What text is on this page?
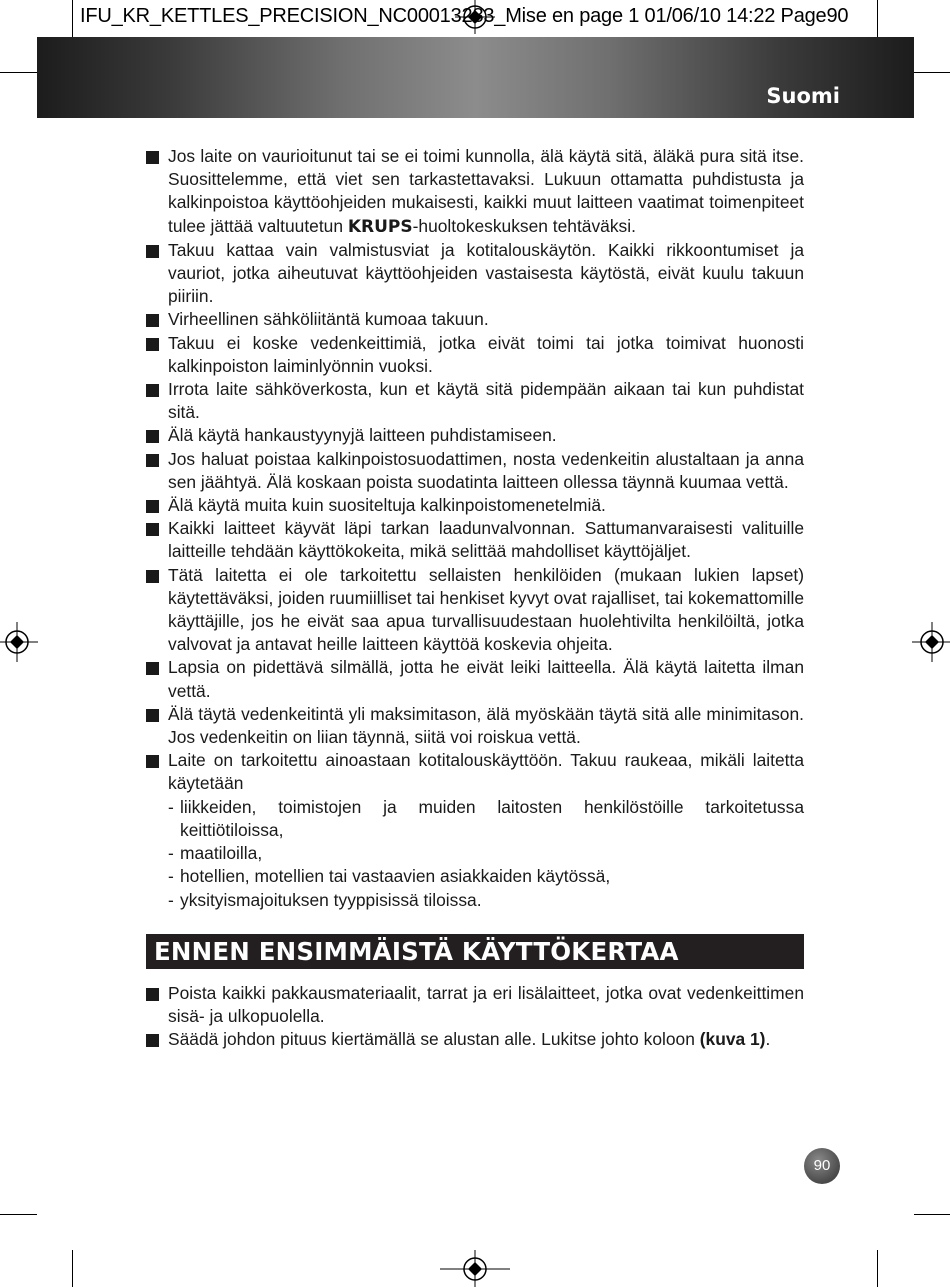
IFU_KR_KETTLES_PRECISION_NC00013283_Mise en page 1 01/06/10 14:22 Page90
Suomi

Jos laite on vaurioitunut tai se ei toimi kunnolla, älä käytä sitä, äläkä pura sitä itse. Suosittelemme, että viet sen tarkastettavaksi. Lukuun ottamatta puhdistusta ja kalkinpoistoa käyttöohjeiden mukaisesti, kaikki muut laitteen vaatimat toimenpiteet tulee jättää valtuutetun KRUPS-huoltokeskuksen tehtäväksi.

Takuu kattaa vain valmistusviat ja kotitalouskäytön. Kaikki rikkoontumiset ja vauriot, jotka aiheutuvat käyttöohjeiden vastaisesta käytöstä, eivät kuulu takuun piiriin.

Virheellinen sähköliitäntä kumoaa takuun.

Takuu ei koske vedenkeittimiä, jotka eivät toimi tai jotka toimivat huonosti kalkinpoiston laiminlyönnin vuoksi.

Irrota laite sähköverkosta, kun et käytä sitä pidempään aikaan tai kun puhdistat sitä.

Älä käytä hankaustyynyjä laitteen puhdistamiseen.

Jos haluat poistaa kalkinpoistosuodattimen, nosta vedenkeitin alustaltaan ja anna sen jäähtyä. Älä koskaan poista suodatinta laitteen ollessa täynnä kuumaa vettä.

Älä käytä muita kuin suositeltuja kalkinpoistomenetelmiä.

Kaikki laitteet käyvät läpi tarkan laadunvalvonnan. Sattumanvaraisesti valituille laitteille tehdään käyttökokeita, mikä selittää mahdolliset käyttöjäljet.

Tätä laitetta ei ole tarkoitettu sellaisten henkilöiden (mukaan lukien lapset) käytettäväksi, joiden ruumiilliset tai henkiset kyvyt ovat rajalliset, tai kokemattomille käyttäjille, jos he eivät saa apua turvallisuudestaan huolehtivilta henkilöiltä, jotka valvovat ja antavat heille laitteen käyttöä koskevia ohjeita.

Lapsia on pidettävä silmällä, jotta he eivät leiki laitteella. Älä käytä laitetta ilman vettä.

Älä täytä vedenkeitintä yli maksimitason, älä myöskään täytä sitä alle minimitason. Jos vedenkeitin on liian täynnä, siitä voi roiskua vettä.

Laite on tarkoitettu ainoastaan kotitalouskäyttöön. Takuu raukeaa, mikäli laitetta käytetään

- liikkeiden, toimistojen ja muiden laitosten henkilöstöille tarkoitetussa keittiötiloissa,

- maatiloilla,

- hotellien, motellien tai vastaavien asiakkaiden käytössä,

- yksityismajoituksen tyyppisissä tiloissa.

ENNEN ENSIMMÄISTÄ KÄYTTÖKERTAA

Poista kaikki pakkausmateriaalit, tarrat ja eri lisälaitteet, jotka ovat vedenkeittimen sisä- ja ulkopuolella.

Säädä johdon pituus kiertämällä se alustan alle. Lukitse johto koloon (kuva 1).

90
